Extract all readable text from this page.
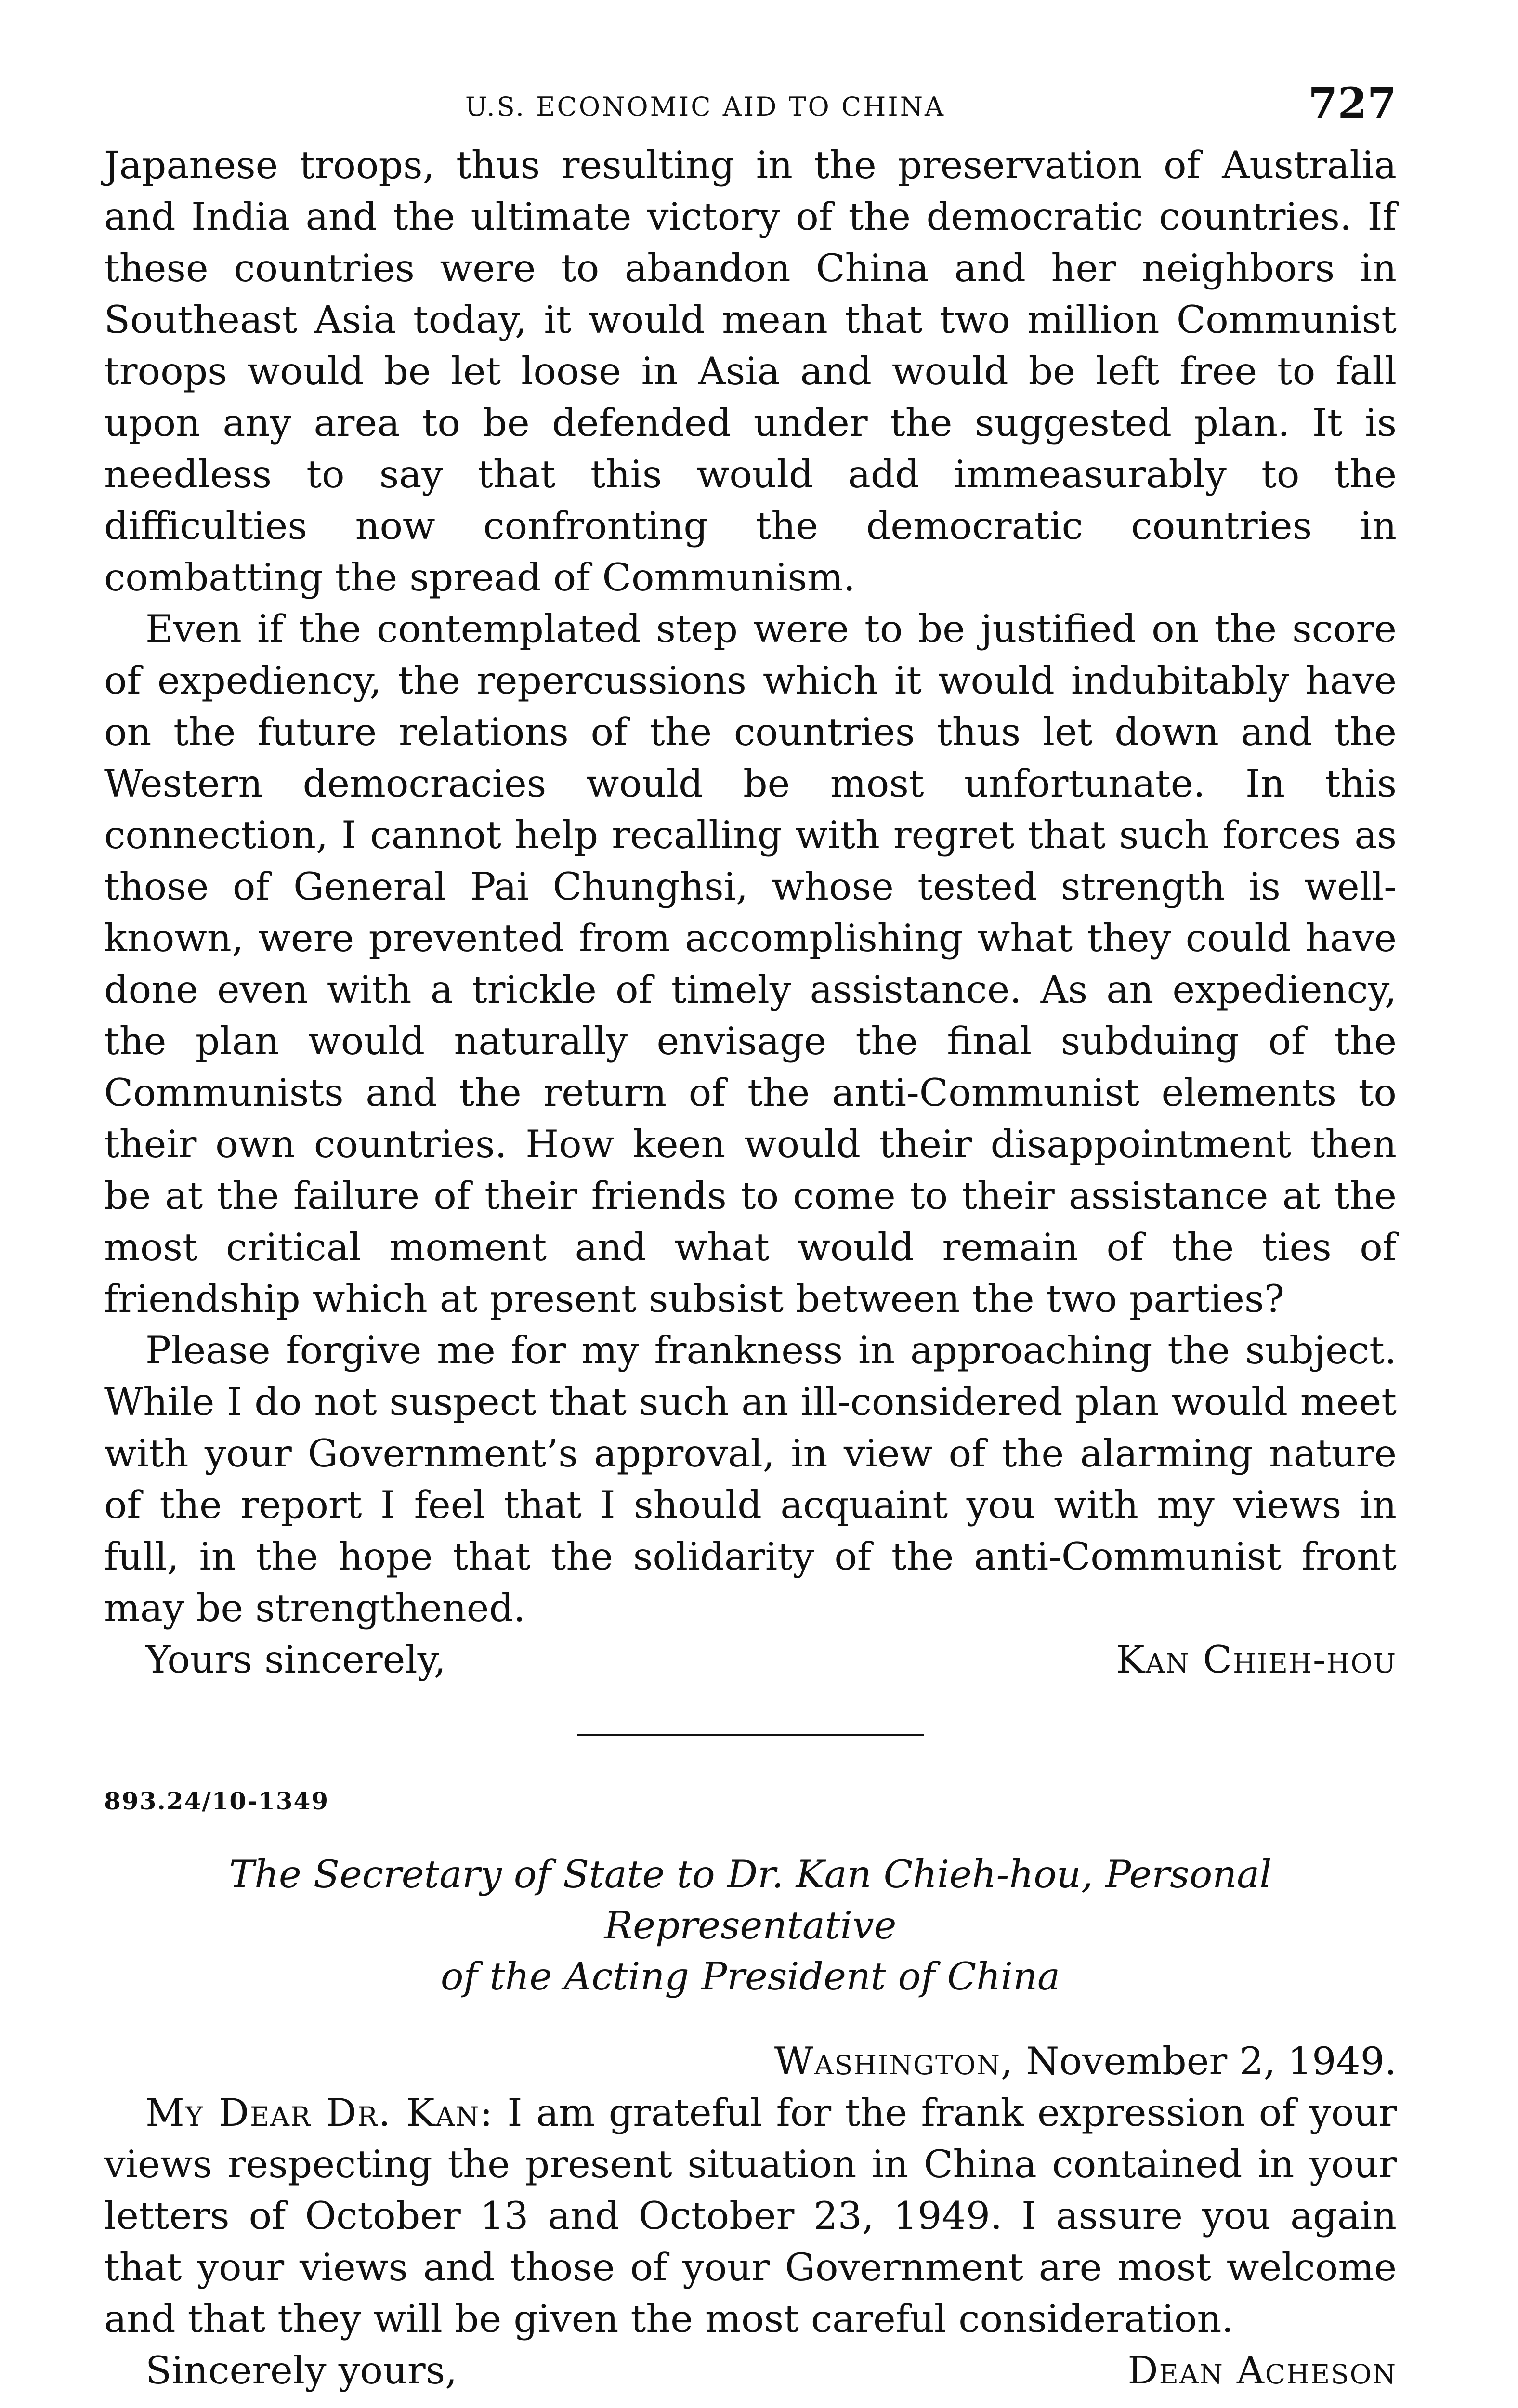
U.S. ECONOMIC AID TO CHINA	727

Japanese troops, thus resulting in the preservation of Australia and India and the ultimate victory of the democratic countries. If these countries were to abandon China and her neighbors in Southeast Asia today, it would mean that two million Communist troops would be let loose in Asia and would be left free to fall upon any area to be defended under the suggested plan. It is needless to say that this would add immeasurably to the difficulties now confronting the democratic countries in combatting the spread of Communism.

Even if the contemplated step were to be justified on the score of expediency, the repercussions which it would indubitably have on the future relations of the countries thus let down and the Western democracies would be most unfortunate. In this connection, I cannot help recalling with regret that such forces as those of General Pai Chunghsi, whose tested strength is well-known, were prevented from accomplishing what they could have done even with a trickle of timely assistance. As an expediency, the plan would naturally envisage the final subduing of the Communists and the return of the anti-Communist elements to their own countries. How keen would their disappointment then be at the failure of their friends to come to their assistance at the most critical moment and what would remain of the ties of friendship which at present subsist between the two parties?

Please forgive me for my frankness in approaching the subject. While I do not suspect that such an ill-considered plan would meet with your Government’s approval, in view of the alarming nature of the report I feel that I should acquaint you with my views in full, in the hope that the solidarity of the anti-Communist front may be strengthened.

Yours sincerely,	Kan Chieh-hou
893.24/10-1349
The Secretary of State to Dr. Kan Chieh-hou, Personal Representative
of the Acting President of China
Washington, November 2, 1949.

My Dear Dr. Kan: I am grateful for the frank expression of your views respecting the present situation in China contained in your letters of October 13 and October 23, 1949. I assure you again that your views and those of your Government are most welcome and that they will be given the most careful consideration.

Sincerely yours,	Dean Acheson
